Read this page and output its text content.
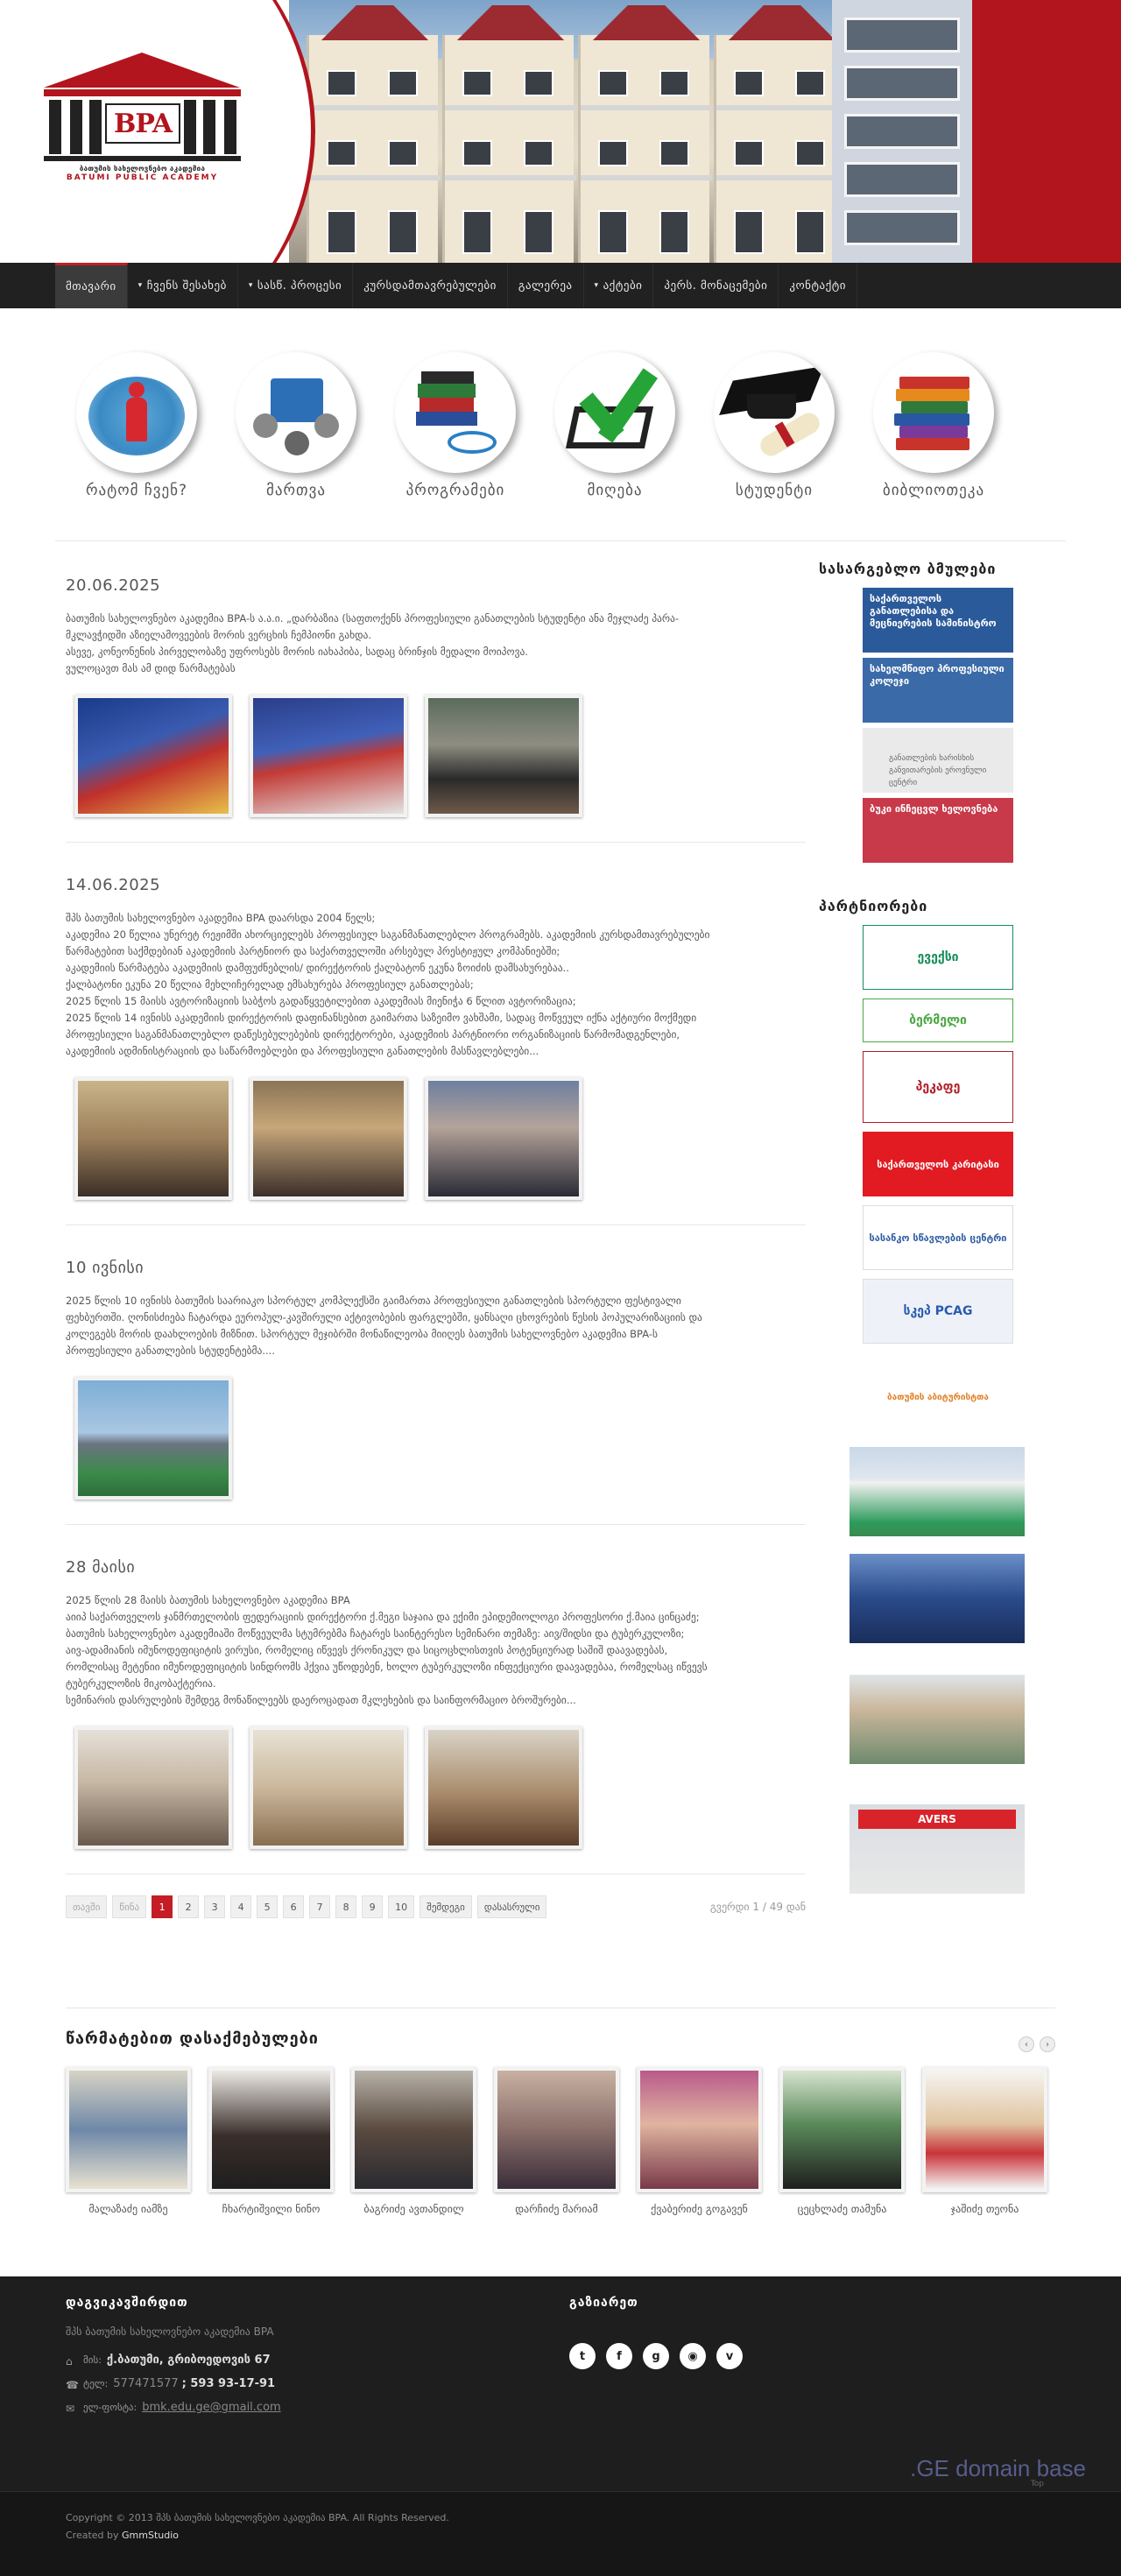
BPA
ბათუმის სახელოვნებო აკადემია
BATUMI PUBLIC ACADEMY
მთავარი	▾ ჩვენს შესახებ	▾ სასწ. პროცესი კურსდამთავრებულები გალერეა	▾ აქტები პერს. მონაცემები კონტაქტი
რატომ ჩვენ?	მართვა	პროგრამები	მიღება	სტუდენტი	ბიბლიოთეკა
20.06.2025

ბათუმის სახელოვნებო აკადემია BPA-ს ა.ა.ი. „დარბაზია (საფთოქენს პროფესიული განათლების სტუდენტი ანა მეჯლაძე პარა-

მკლავჭიდში აზიელამოვეების მორის ვერცხის ჩემპიონი გახდა.

ასევე, კონეონენის პირველობაზე უფროსებს მორის იახაპიბა, სადაც ბრინჯის მედალი მოიპოვა.

ვულოცავთ მას ამ დიდ წარმატებას

14.06.2025

შპს ბათუმის სახელოვნებო აკადემია BPA დაარსდა 2004 წელს;

აკადემია 20 წელია უნერეტ რეჟიმში ახორციელებს პროფესიულ საგანმანათლებლო პროგრამებს. აკადემიის კურსდამთავრებულები

წარმატებით საქმდებიან აკადემიის პარტნიორ და საქართველოში არსებულ პრესტიჟულ კომპანიებში;

აკადემიის წარმატება აკადემიის დამფუძნებლის/ დირექტორის ქალბატონ ეკუნა ზოიძის დამსახურებაა..

ქალბატონი ეკუნა 20 წელია მეხლიჩერელად ემსახურება პროფესიულ განათლებას;

2025 წლის 15 მაისს ავტორიზაციის საბჭოს გადაწყვეტილებით აკადემიას მიენიჭა 6 წლით ავტორიზაცია;

2025 წლის 14 ივნისს აკადემიის დირექტორის დაფინანსებით გაიმართა საზეიმო ვახშამი, სადაც მოწვეულ იქნა აქტიური მოქმედი

პროფესიული საგანმანათლებლო დაწესებულებების დირექტორები, აკადემიის პარტნიორი ორგანიზაციის წარმომადგენლები,

აკადემიის ადმინისტრაციის და საწარმოებლები და პროფესიული განათლების მასწავლებლები...

10 ივნისი

2025 წლის 10 ივნისს ბათუმის საარიაკო სპორტულ კომპლექსში გაიმართა პროფესიული განათლების სპორტული ფესტივალი

ფეხბურთში. ღონისძიება ჩატარდა ეუროპულ-კავშირული აქტივობების ფარგლებში, ყანსაღი ცხოვრების წესის პოპულარიზაციის და

კოლეგებს მორის დაახლოების მიზნით. სპორტულ მეჯიბრში მონაწილეობა მიიღეს ბათუმის სახელოვნებო აკადემია BPA-ს

პროფესიული განათლების სტუდენტებმა....

28 მაისი

2025 წლის 28 მაისს ბათუმის სახელოვნებო აკადემია BPA

აიიპ საქართველოს ჯანმრთელობის ფედერაციის დირექტორი ქ.მეგი საჯაია და ექიმი ეპიდემიოლოგი პროფესორი ქ.მაია ცინცაძე;

ბათუმის სახელოვნებო აკადემიაში მოწვეულმა სტუმრებმა ჩატარეს საინტერესო სემინარი თემაზე: აივ/შიდსი და ტუბერკულოზი;

აივ-ადამიანის იმუნოდეფიციტის ვირუსი, რომელიც იწვევს ქრონიკულ და სიცოცხლისთვის პოტენციურად საშიშ დაავადებას,

რომლისაც მეტენიი იმუნოდეფიციტის სინდრომს ჰქვია უწოდებენ, ხოლო ტუბერკულოზი ინფექციური დაავადებაა, რომელსაც იწვევს

ტუბერკულოზის მიკობაქტერია.

სემინარის დასრულების შემდეგ მონაწილეებს დაეროცადათ მკლეხების და საინფორმაციო ბროშურები...

თავში	წინა	1	2	3	4	5	6	7	8	9	10	შემდეგი	დასასრული	გვერდი 1 / 49 დან
სასარგებლო ბმულები
საქართველოს განათლებისა და მეცნიერების სამინისტრო
სახელმწიფო პროფესიული კოლეჯი
განათლების ხარისხის განვითარების ეროვნული ცენტრი
ბუკი ინჩეცვლ ხელოვნება
პარტნიორები
ევექსი
ბერმელი
პეკაფე
საქართველოს კარიტასი
სასანკო სწავლების ცენტრი
სკეპ PCAG
ბათუმის აბიტურისტთა
AVERS
წარმატებით დასაქმებულები	‹	›
მალაზაძე იამზე	ჩხარტიშვილი ნინო	ბაგრიძე ავთანდილ	დარჩიძე მარიამ	ქვაბერიძე გოგავენ	ცეცხლაძე თამუნა	ჯაშიძე თეონა
დაგვიკავშირდით
შპს ბათუმის სახელოვნებო აკადემია BPA
⌂	მის: ქ.ბათუმი, გრიბოედოვის 67
☎ ტელ: 577471577 ; 593 93-17-91
✉ ელ-ფოსტა: bmk.edu.ge@gmail.com
გაზიარეთ
t	f	g	◉	v
.GE domain base
Top
Copyright © 2013 შპს ბათუმის სახელოვნებო აკადემია BPA. All Rights Reserved.
Created by GmmStudio
